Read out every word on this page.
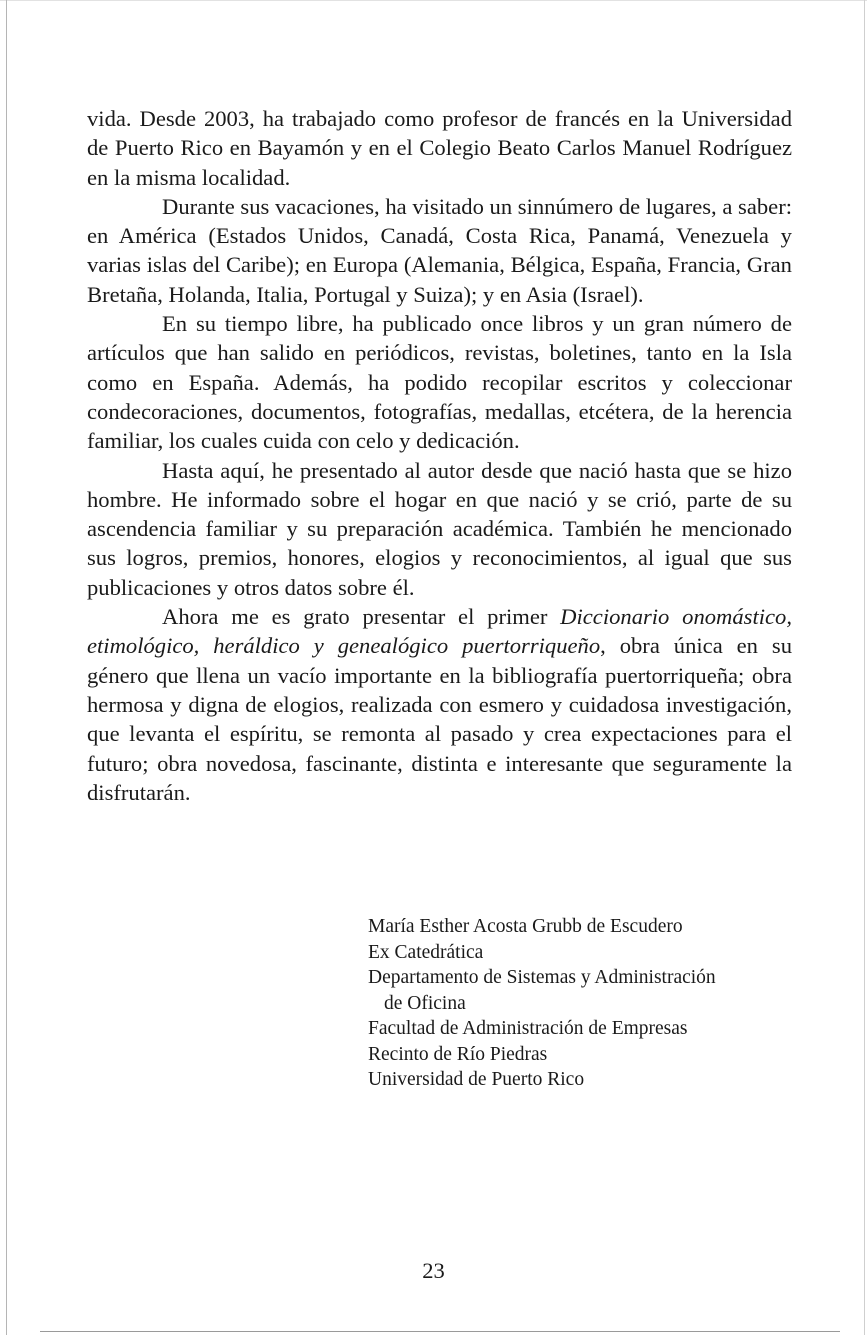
vida. Desde 2003, ha trabajado como profesor de francés en la Universidad de Puerto Rico en Bayamón y en el Colegio Beato Carlos Manuel Rodríguez en la misma localidad.

Durante sus vacaciones, ha visitado un sinnúmero de lugares, a saber: en América (Estados Unidos, Canadá, Costa Rica, Panamá, Venezuela y varias islas del Caribe); en Europa (Alemania, Bélgica, España, Francia, Gran Bretaña, Holanda, Italia, Portugal y Suiza); y en Asia (Israel).

En su tiempo libre, ha publicado once libros y un gran número de artículos que han salido en periódicos, revistas, boletines, tanto en la Isla como en España. Además, ha podido recopilar escritos y coleccionar condecoraciones, documentos, fotografías, medallas, etcétera, de la herencia familiar, los cuales cuida con celo y dedicación.

Hasta aquí, he presentado al autor desde que nació hasta que se hizo hombre. He informado sobre el hogar en que nació y se crió, parte de su ascendencia familiar y su preparación académica. También he mencionado sus logros, premios, honores, elogios y reconocimientos, al igual que sus publicaciones y otros datos sobre él.

Ahora me es grato presentar el primer Diccionario onomástico, etimológico, heráldico y genealógico puertorriqueño, obra única en su género que llena un vacío importante en la bibliografía puertorriqueña; obra hermosa y digna de elogios, realizada con esmero y cuidadosa investigación, que levanta el espíritu, se remonta al pasado y crea expectaciones para el futuro; obra novedosa, fascinante, distinta e interesante que seguramente la disfrutarán.

María Esther Acosta Grubb de Escudero
Ex Catedrática
Departamento de Sistemas y Administración
de Oficina
Facultad de Administración de Empresas
Recinto de Río Piedras
Universidad de Puerto Rico
23
